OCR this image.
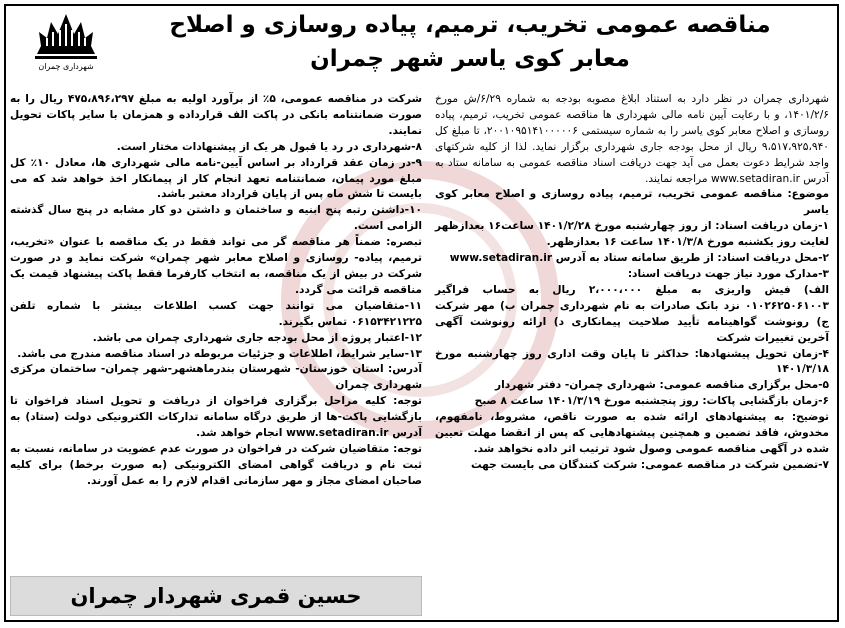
شهرداری چمران

مناقصه عمومی تخریب، ترمیم، پیاده روسازی و اصلاح

معابر کوی یاسر شهر چمران

شهرداری چمران در نظر دارد به استناد ابلاغ مصوبه بودجه به شماره ۶/۲۹/ش مورخ ۱۴۰۱/۲/۶، و با رعایت آیین نامه مالی شهرداری ها مناقصه عمومی تخریب، ترمیم، پیاده روسازی و اصلاح معابر کوی یاسر را به شماره سیستمی ۲۰۰۱۰۹۵۱۴۱۰۰۰۰۰۶، تا مبلغ کل ۹،۵۱۷،۹۲۵،۹۴۰ ریال از محل بودجه جاری شهرداری برگزار نماید. لذا از کلیه شرکتهای واجد شرایط دعوت بعمل می آید جهت دریافت اسناد مناقصه عمومی به سامانه ستاد به آدرس www.setadiran.ir مراجعه نمایند.

موضوع: مناقصه عمومی تخریب، ترمیم، پیاده روسازی و اصلاح معابر کوی یاسر

۱-زمان دریافت اسناد: از روز چهارشنبه مورخ ۱۴۰۱/۲/۲۸ ساعت۱۶ بعدازظهر لغایت روز یکشنبه مورخ ۱۴۰۱/۳/۸ ساعت ۱۶ بعدازظهر.

۲-محل دریافت اسناد: از طریق سامانه ستاد به آدرس www.setadiran.ir

۳-مدارک مورد نیاز جهت دریافت اسناد:

الف) فیش واریزی به مبلغ ۲،۰۰۰،۰۰۰ ریال به حساب فراگیر ۰۱۰۲۶۲۵۰۶۱۰۰۳ نزد بانک صادرات به نام شهرداری چمران ب) مهر شرکت ج) رونوشت گواهینامه تأیید صلاحیت پیمانکاری د) ارائه رونوشت آگهی آخرین تغییرات شرکت

۴-زمان تحویل پیشنهادها: حداکثر تا پایان وقت اداری روز چهارشنبه مورخ ۱۴۰۱/۳/۱۸

۵-محل برگزاری مناقصه عمومی: شهرداری چمران- دفتر شهردار

۶-زمان بازگشایی پاکات: روز پنجشنبه مورخ ۱۴۰۱/۳/۱۹ ساعت ۸ صبح

توضیح: به پیشنهادهای ارائه شده به صورت ناقص، مشروط، نامفهوم، مخدوش، فاقد تضمین و همچنین پیشنهادهایی که پس از انقضا مهلت تعیین شده در آگهی مناقصه عمومی وصول شود ترتیب اثر داده نخواهد شد.

۷-تضمین شرکت در مناقصه عمومی: شرکت کنندگان می بایست جهت

شرکت در مناقصه عمومی، ۵٪ از برآورد اولیه به مبلغ ۴۷۵،۸۹۶،۲۹۷ ریال را به صورت ضمانتنامه بانکی در پاکت الف قرارداده و همزمان با سایر پاکات تحویل نمایند.

۸-شهرداری در رد یا قبول هر یک از پیشنهادات مختار است.

۹-در زمان عقد قرارداد بر اساس آیین-نامه مالی شهرداری ها، معادل ۱۰٪ کل مبلغ مورد پیمان، ضمانتنامه تعهد انجام کار از پیمانکار اخذ خواهد شد که می بایست تا شش ماه پس از پایان قرارداد معتبر باشد.

۱۰-داشتن رتبه پنج ابنیه و ساختمان و داشتن دو کار مشابه در پنج سال گذشته الزامی است.

تبصره: ضمناً هر مناقصه گر می تواند فقط در یک مناقصه با عنوان «تخریب، ترمیم، پیاده- روسازی و اصلاح معابر شهر چمران» شرکت نماید و در صورت شرکت در بیش از یک مناقصه، به انتخاب کارفرما فقط پاکت پیشنهاد قیمت یک مناقصه قرائت می گردد.

۱۱-متقاضیان می توانند جهت کسب اطلاعات بیشتر با شماره تلفن ۰۶۱۵۳۴۲۱۲۲۵ تماس بگیرند.

۱۲-اعتبار پروژه از محل بودجه جاری شهرداری چمران می باشد.

۱۳-سایر شرایط، اطلاعات و جزئیات مربوطه در اسناد مناقصه مندرج می باشد.

آدرس: استان خوزستان- شهرستان بندرماهشهر-شهر چمران- ساختمان مرکزی شهرداری چمران

توجه: کلیه مراحل برگزاری فراخوان از دریافت و تحویل اسناد فراخوان تا بازگشایی پاکت-ها از طریق درگاه سامانه تدارکات الکترونیکی دولت (ستاد) به آدرس www.setadiran.ir انجام خواهد شد.

توجه: متقاضیان شرکت در فراخوان در صورت عدم عضویت در سامانه، نسبت به ثبت نام و دریافت گواهی امضای الکترونیکی (به صورت برخط) برای کلیه صاحبان امضای مجاز و مهر سازمانی اقدام لازم را به عمل آورند.

حسین قمری شهردار چمران
